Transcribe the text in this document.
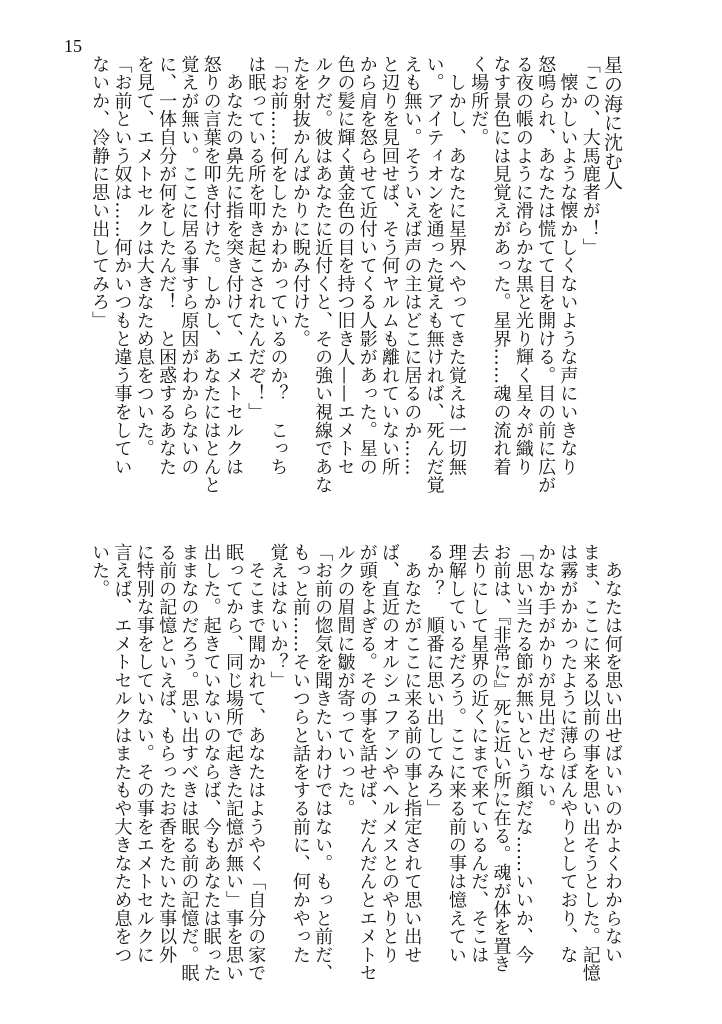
15
星の海に沈む人
「この、大馬鹿者が！」
　懐かしいような懐かしくないような声にいきなり
怒鳴られ、あなたは慌てて目を開ける。目の前に広が
る夜の帳のように滑らかな黒と光り輝く星々が織り
なす景色には見覚えがあった。星界……魂の流れ着
く場所だ。
　しかし、あなたに星界へやってきた覚えは一切無
い。アイティオンを通った覚えも無ければ、死んだ覚
えも無い。そういえば声の主はどこに居るのか……
と辺りを見回せば、そう何ヤルムも離れていない所
から肩を怒らせて近付いてくる人影があった。星の
色の髪に輝く黄金色の目を持つ旧き人——エメトセ
ルクだ。彼はあなたに近付くと、その強い視線であな
たを射抜かんばかりに睨み付けた。
「お前……何をしたかわかっているのか？　こっち
は眠っている所を叩き起こされたんだぞ！」
　あなたの鼻先に指を突き付けて、エメトセルクは
怒りの言葉を叩き付けた。しかし、あなたにはとんと
覚えが無い。ここに居る事すら原因がわからないの
に、一体自分が何をしたんだ！　と困惑するあなた
を見て、エメトセルクは大きなため息をついた。
「お前という奴は……何かいつもと違う事をしてい
ないか、冷静に思い出してみろ」
　あなたは何を思い出せばいいのかよくわからない
まま、ここに来る以前の事を思い出そうとした。記憶
は霧がかかったように薄らぼんやりとしており、な
かなか手がかりが見出だせない。
「思い当たる節が無いという顔だな……いいか、今
お前は、『非常に』死に近い所に在る。魂が体を置き
去りにして星界の近くにまで来ているんだ、そこは
理解しているだろう。ここに来る前の事は憶えてい
るか？　順番に思い出してみろ」
　あなたがここに来る前の事と指定されて思い出せ
ば、直近のオルシュファンやヘルメスとのやりとり
が頭をよぎる。その事を話せば、だんだんとエメトセ
ルクの眉間に皺が寄っていった。
「お前の惚気を聞きたいわけではない。もっと前だ、
もっと前……そいつらと話をする前に、何かやった
覚えはないか？」
　そこまで聞かれて、あなたはようやく「自分の家で
眠ってから、同じ場所で起きた記憶が無い」事を思い
出した。起きていないのならば、今もあなたは眠った
ままなのだろう。思い出すべきは眠る前の記憶だ。眠
る前の記憶といえば、もらったお香をたいた事以外
に特別な事をしていない。その事をエメトセルクに
言えば、エメトセルクはまたもや大きなため息をつ
いた。
